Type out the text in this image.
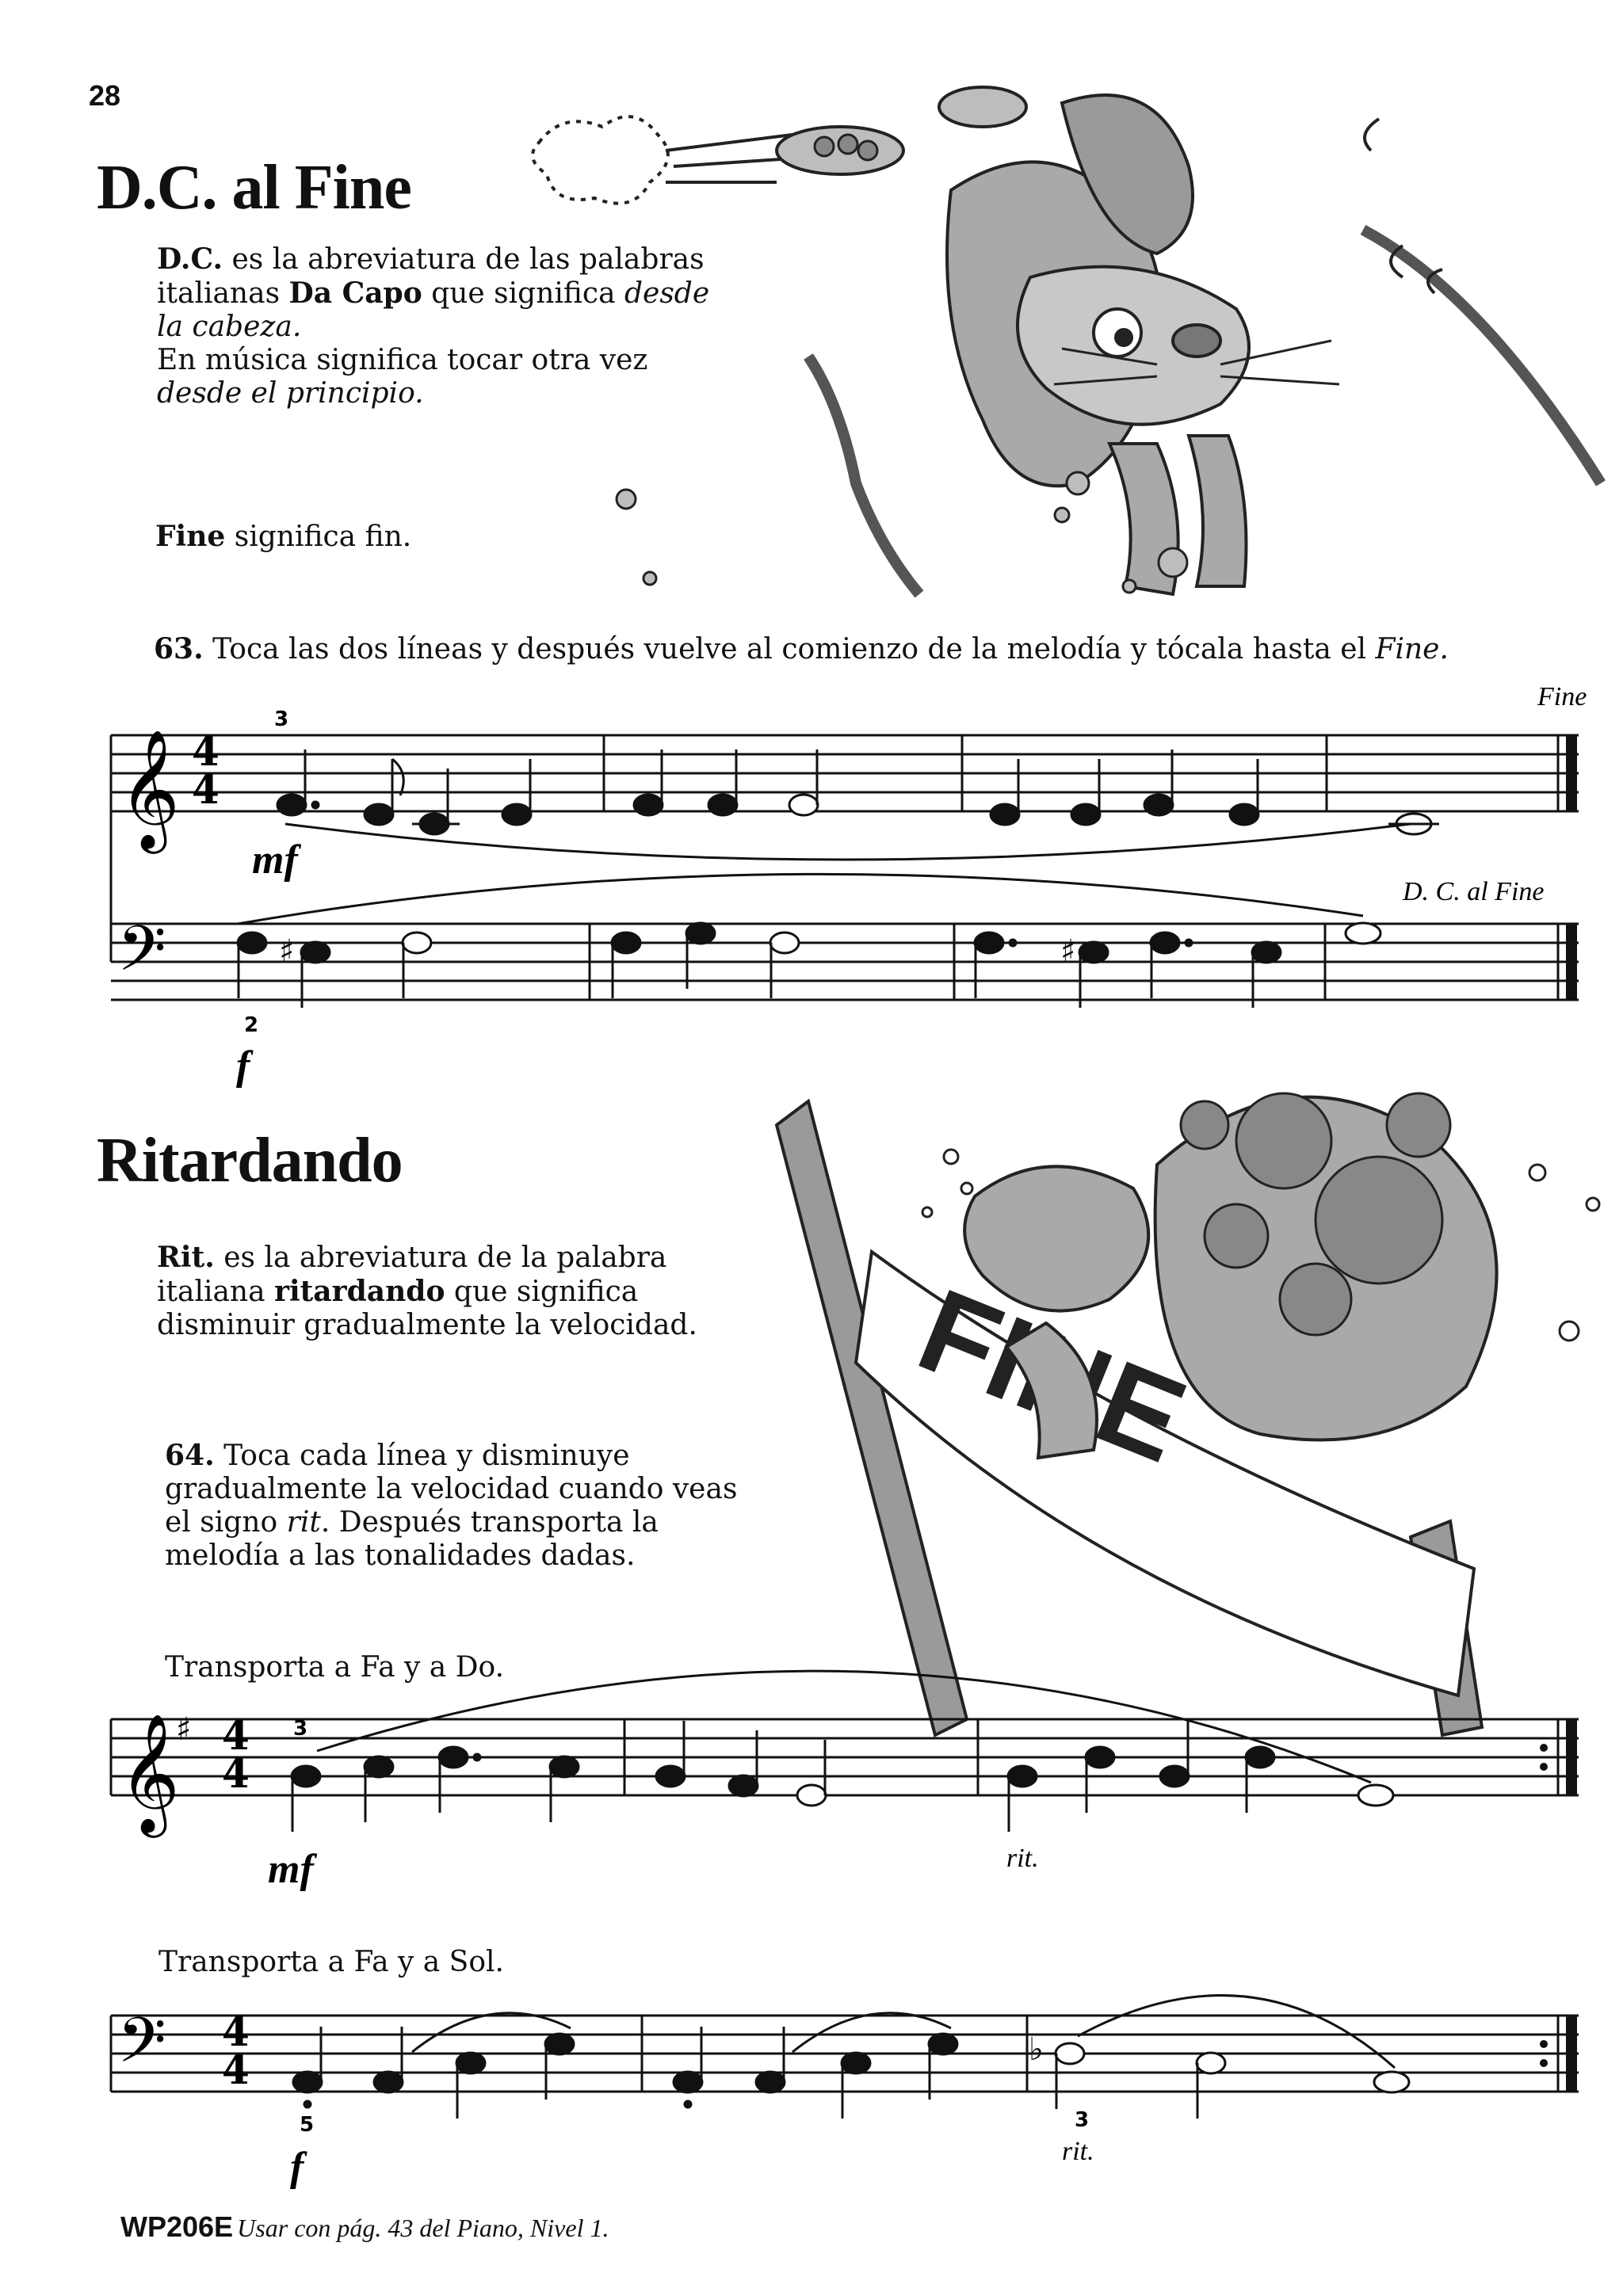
28
D.C. al Fine
D.C. es la abreviatura de las palabras italianas Da Capo que significa desde la cabeza.
En música significa tocar otra vez desde el principio.
Fine significa fin.
63. Toca las dos líneas y después vuelve al comienzo de la melodía y tócala hasta el Fine.
𝄞 4
4
3
Fine
mf
𝄢	♯	♯
D. C. al Fine
2
f
Ritardando
Rit. es la abreviatura de la palabra italiana ritardando que significa disminuir gradualmente la velocidad.
64. Toca cada línea y disminuye gradualmente la velocidad cuando veas el signo rit. Después transporta la melodía a las tonalidades dadas.
Transporta a Fa y a Do.
Transporta a Fa y a Sol.
𝄞
♯ 4
4
3
mf	rit.
𝄢 4
4	♭
5	3
f	rit.
WP206E Usar con pág. 43 del Piano, Nivel 1.
